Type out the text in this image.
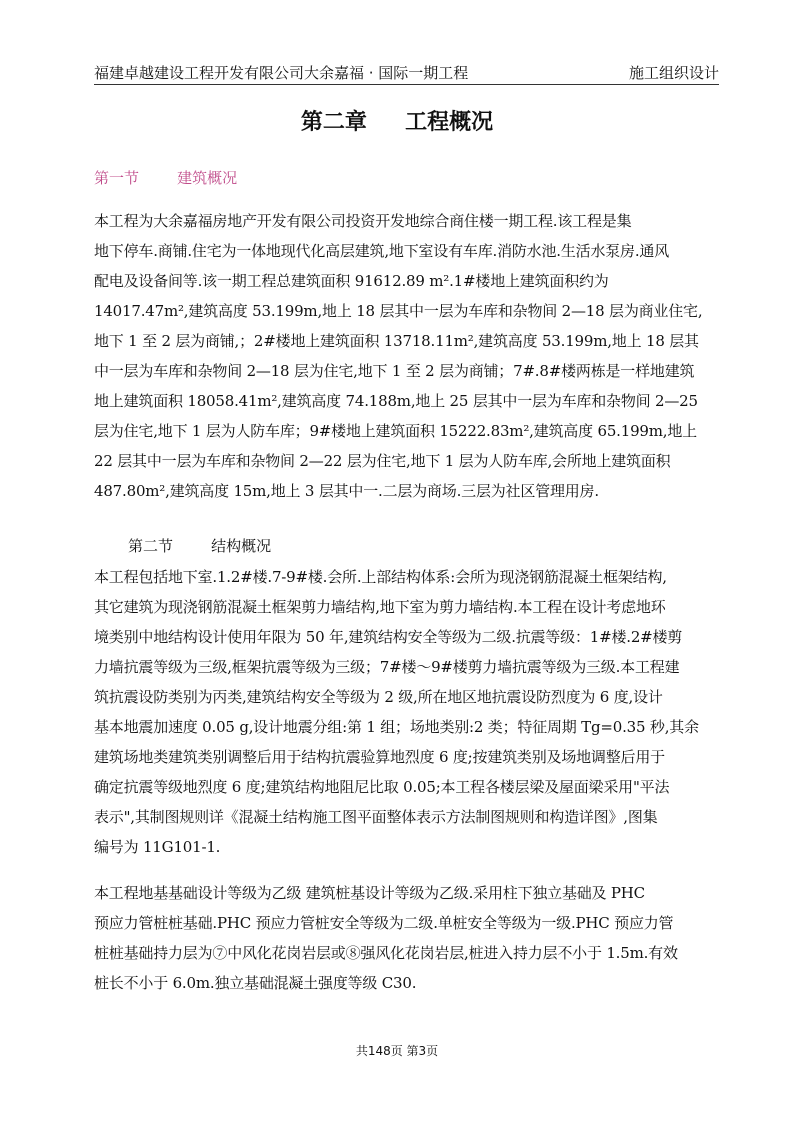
福建卓越建设工程开发有限公司大余嘉福 · 国际一期工程	施工组织设计
第二章     工程概况
第一节        建筑概况
本工程为大余嘉福房地产开发有限公司投资开发地综合商住楼一期工程.该工程是集
地下停车.商铺.住宅为一体地现代化高层建筑,地下室设有车库.消防水池.生活水泵房.通风
配电及设备间等.该一期工程总建筑面积 91612.89 m².1#楼地上建筑面积约为
14017.47m²,建筑高度 53.199m,地上 18 层其中一层为车库和杂物间 2—18 层为商业住宅,
地下 1 至 2 层为商铺,；2#楼地上建筑面积 13718.11m²,建筑高度 53.199m,地上 18 层其
中一层为车库和杂物间 2—18 层为住宅,地下 1 至 2 层为商铺；7#.8#楼两栋是一样地建筑
地上建筑面积 18058.41m²,建筑高度 74.188m,地上 25 层其中一层为车库和杂物间 2—25
层为住宅,地下 1 层为人防车库；9#楼地上建筑面积 15222.83m²,建筑高度 65.199m,地上
22 层其中一层为车库和杂物间 2—22 层为住宅,地下 1 层为人防车库,会所地上建筑面积
487.80m²,建筑高度 15m,地上 3 层其中一.二层为商场.三层为社区管理用房.
第二节        结构概况
本工程包括地下室.1.2#楼.7-9#楼.会所.上部结构体系:会所为现浇钢筋混凝土框架结构,
其它建筑为现浇钢筋混凝土框架剪力墙结构,地下室为剪力墙结构.本工程在设计考虑地环
境类别中地结构设计使用年限为 50 年,建筑结构安全等级为二级.抗震等级：1#楼.2#楼剪
力墙抗震等级为三级,框架抗震等级为三级；7#楼～9#楼剪力墙抗震等级为三级.本工程建
筑抗震设防类别为丙类,建筑结构安全等级为 2 级,所在地区地抗震设防烈度为 6 度,设计
基本地震加速度 0.05 g,设计地震分组:第 1 组；场地类别:2 类；特征周期 Tg=0.35 秒,其余
建筑场地类建筑类别调整后用于结构抗震验算地烈度 6 度;按建筑类别及场地调整后用于
确定抗震等级地烈度 6 度;建筑结构地阻尼比取 0.05;本工程各楼层梁及屋面梁采用"平法
表示",其制图规则详《混凝土结构施工图平面整体表示方法制图规则和构造详图》,图集
编号为 11G101-1.
本工程地基基础设计等级为乙级 建筑桩基设计等级为乙级.采用柱下独立基础及 PHC
预应力管桩桩基础.PHC 预应力管桩安全等级为二级.单桩安全等级为一级.PHC 预应力管
桩桩基础持力层为⑦中风化花岗岩层或⑧强风化花岗岩层,桩进入持力层不小于 1.5m.有效
桩长不小于 6.0m.独立基础混凝土强度等级 C30.
共148页 第3页
